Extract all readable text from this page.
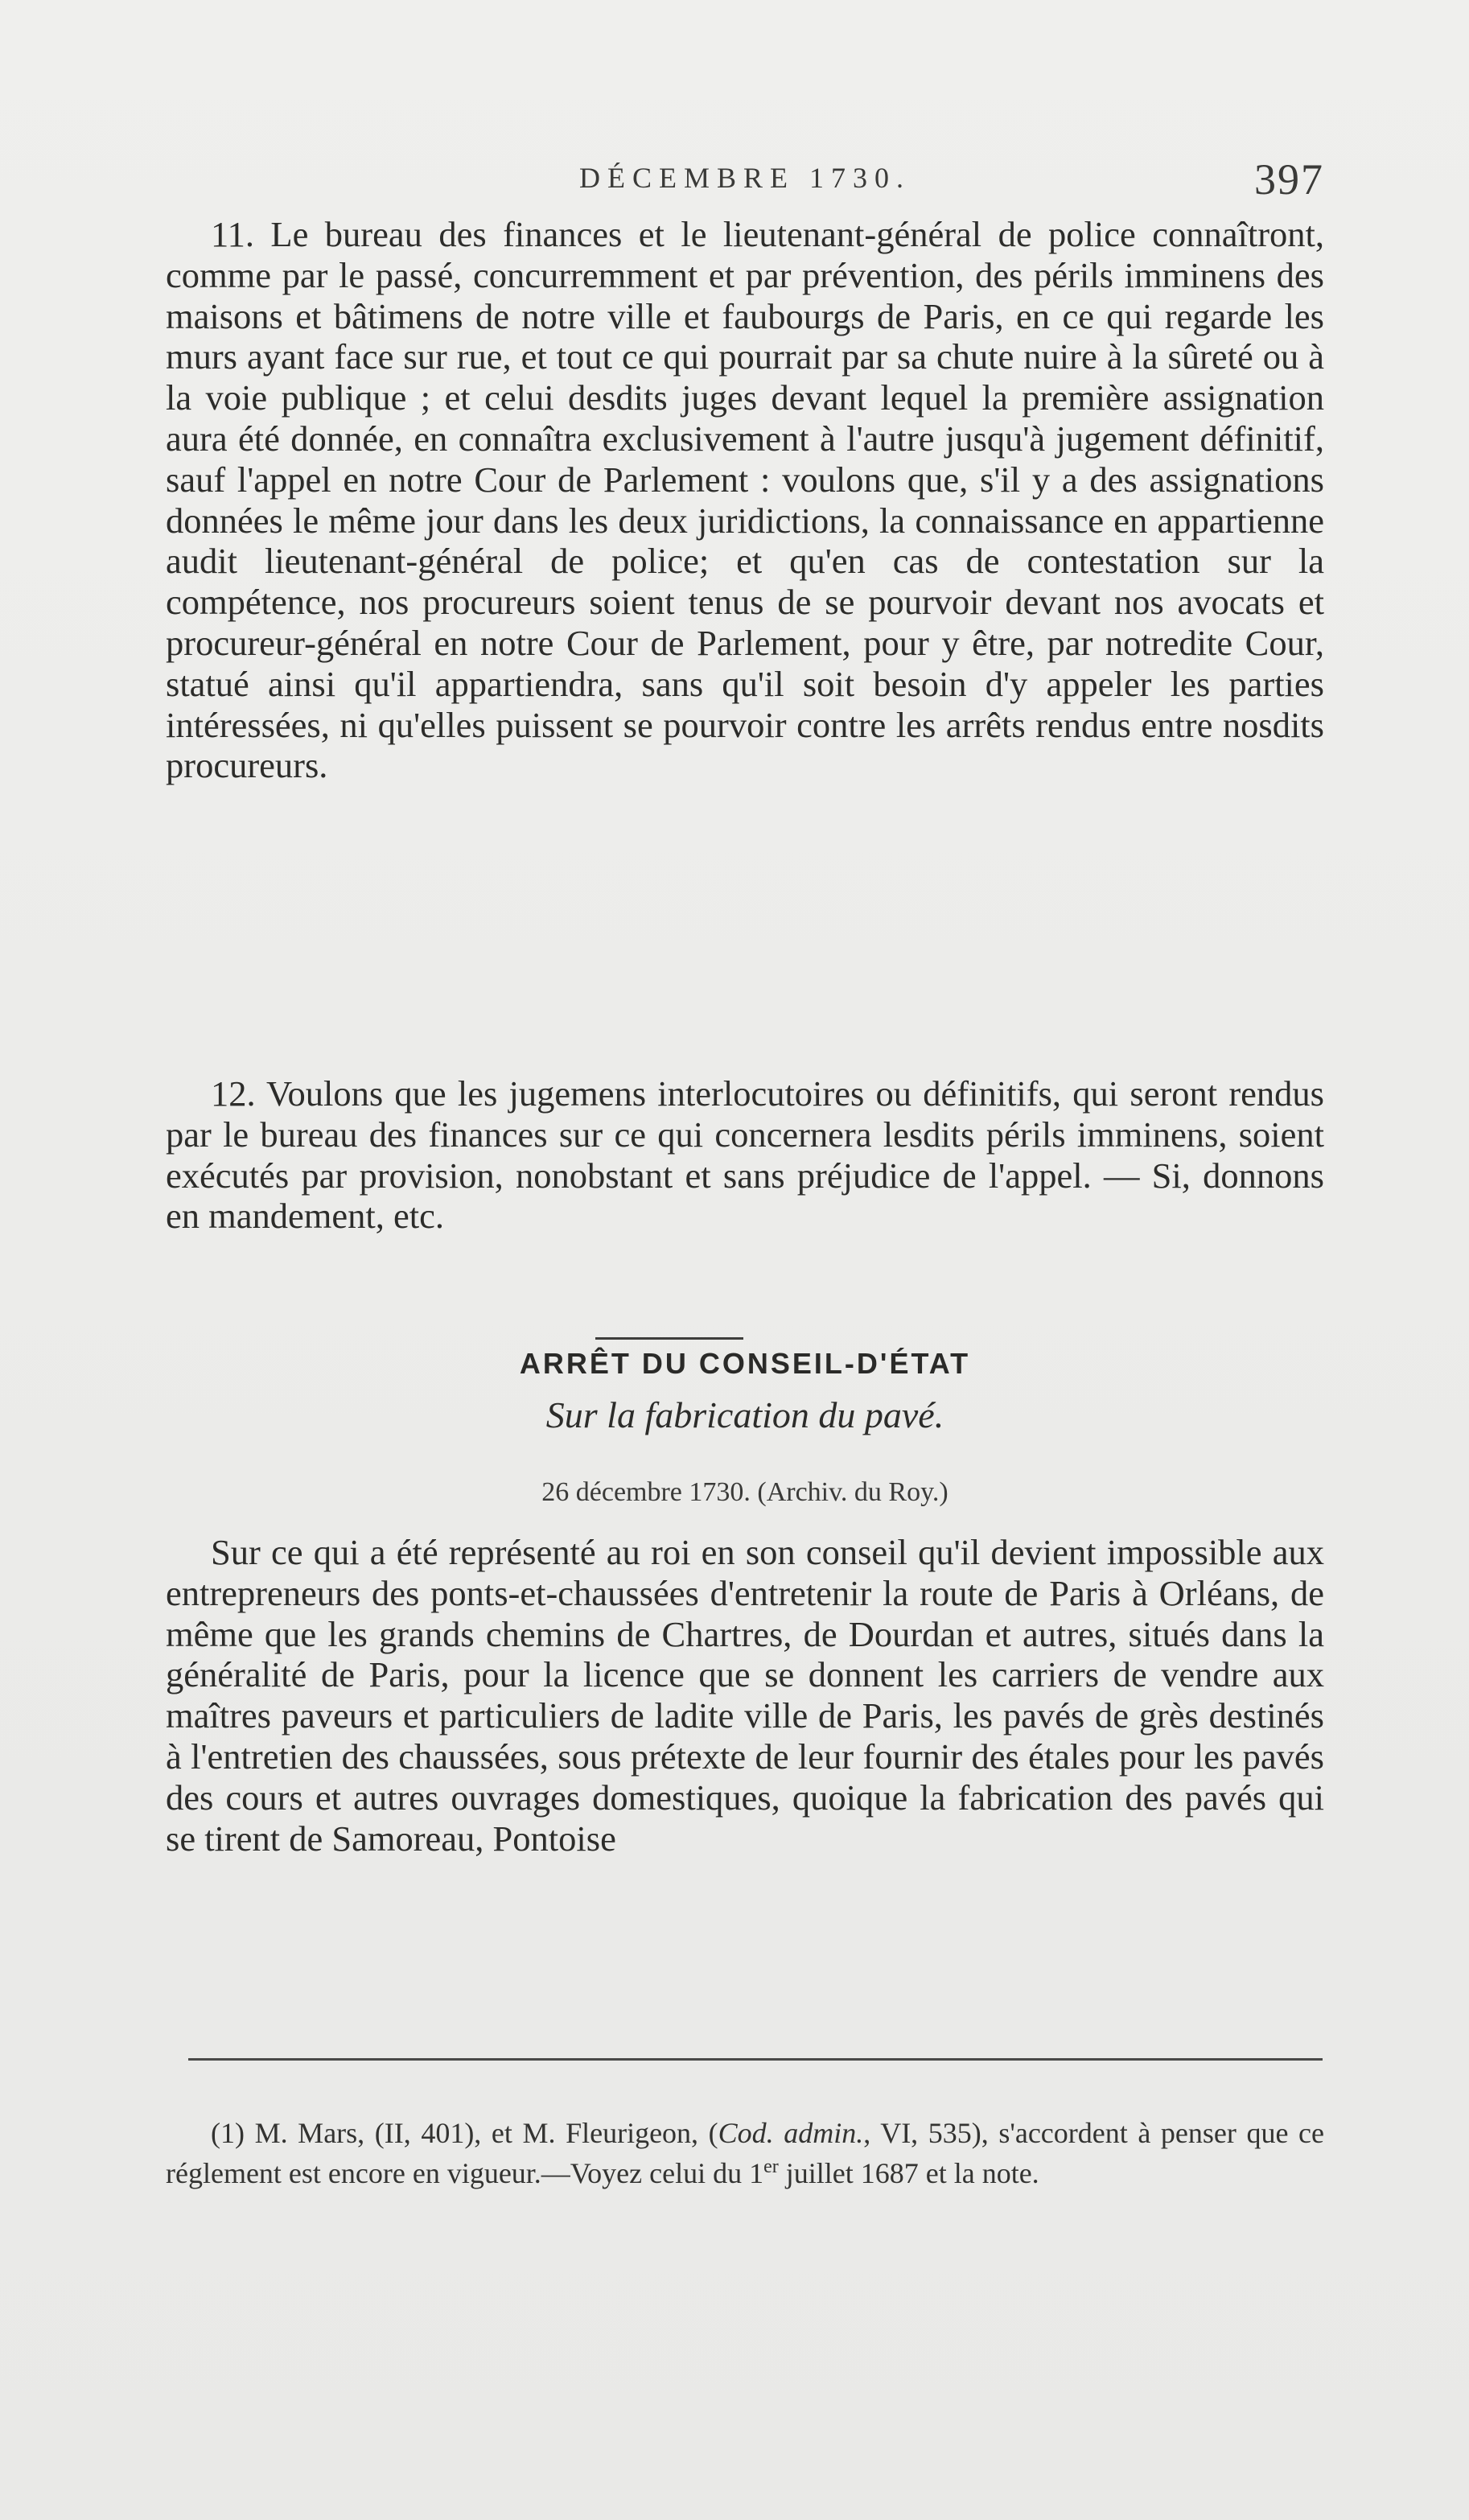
DÉCEMBRE 1730.	397

11. Le bureau des finances et le lieutenant-général de police connaîtront, comme par le passé, concurremment et par prévention, des périls imminens des maisons et bâtimens de notre ville et faubourgs de Paris, en ce qui regarde les murs ayant face sur rue, et tout ce qui pourrait par sa chute nuire à la sûreté ou à la voie publique ; et celui desdits juges devant lequel la première assignation aura été donnée, en connaîtra exclusivement à l'autre jusqu'à jugement définitif, sauf l'appel en notre Cour de Parlement : voulons que, s'il y a des assignations données le même jour dans les deux juridictions, la connaissance en appartienne audit lieutenant-général de police; et qu'en cas de contestation sur la compétence, nos procureurs soient tenus de se pourvoir devant nos avocats et procureur-général en notre Cour de Parlement, pour y être, par notredite Cour, statué ainsi qu'il appartiendra, sans qu'il soit besoin d'y appeler les parties intéressées, ni qu'elles puissent se pourvoir contre les arrêts rendus entre nosdits procureurs.

12. Voulons que les jugemens interlocutoires ou définitifs, qui seront rendus par le bureau des finances sur ce qui concernera lesdits périls imminens, soient exécutés par provision, nonobstant et sans préjudice de l'appel. — Si, donnons en mandement, etc.

ARRÊT DU CONSEIL-D'ÉTAT
Sur la fabrication du pavé.
26 décembre 1730. (Archiv. du Roy.)

Sur ce qui a été représenté au roi en son conseil qu'il devient impossible aux entrepreneurs des ponts-et-chaussées d'entretenir la route de Paris à Orléans, de même que les grands chemins de Chartres, de Dourdan et autres, situés dans la généralité de Paris, pour la licence que se donnent les carriers de vendre aux maîtres paveurs et particuliers de ladite ville de Paris, les pavés de grès destinés à l'entretien des chaussées, sous prétexte de leur fournir des étales pour les pavés des cours et autres ouvrages domestiques, quoique la fabrication des pavés qui se tirent de Samoreau, Pontoise

(1) M. Mars, (II, 401), et M. Fleurigeon, (Cod. admin., VI, 535), s'accordent à penser que ce réglement est encore en vigueur.—Voyez celui du 1er juillet 1687 et la note.
